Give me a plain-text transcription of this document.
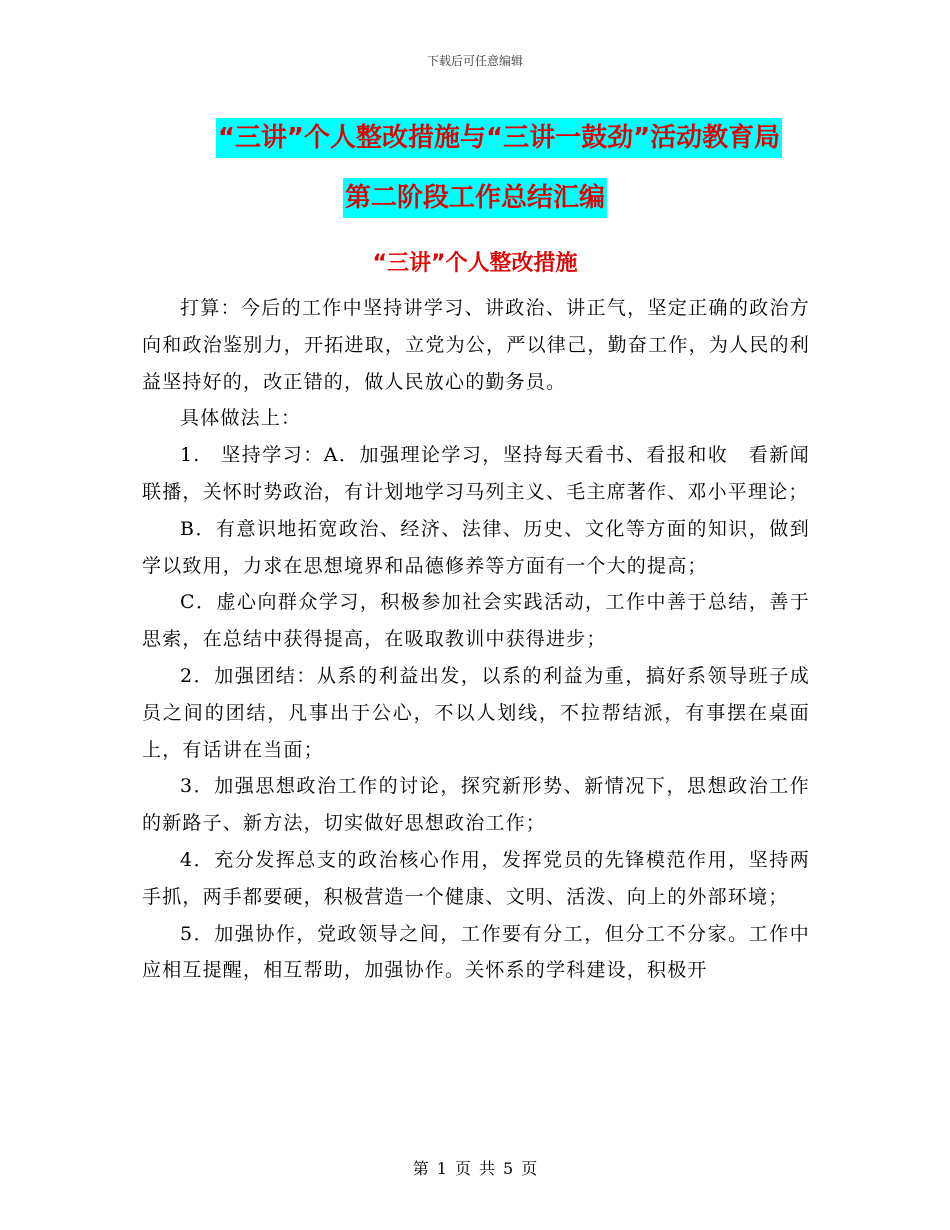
下载后可任意编辑
“三讲”个人整改措施与“三讲一鼓劲”活动教育局
第二阶段工作总结汇编
“三讲”个人整改措施

打算：今后的工作中坚持讲学习、讲政治、讲正气，坚定正确的政治方向和政治鉴别力，开拓进取，立党为公，严以律己，勤奋工作，为人民的利益坚持好的，改正错的，做人民放心的勤务员。

具体做法上：

1.　坚持学习：A．加强理论学习，坚持每天看书、看报和收　看新闻联播，关怀时势政治，有计划地学习马列主义、毛主席著作、邓小平理论；

B．有意识地拓宽政治、经济、法律、历史、文化等方面的知识，做到学以致用，力求在思想境界和品德修养等方面有一个大的提高；

C．虚心向群众学习，积极参加社会实践活动，工作中善于总结，善于思索，在总结中获得提高，在吸取教训中获得进步；

2．加强团结：从系的利益出发，以系的利益为重，搞好系领导班子成员之间的团结，凡事出于公心，不以人划线，不拉帮结派，有事摆在桌面上，有话讲在当面；

3．加强思想政治工作的讨论，探究新形势、新情况下，思想政治工作的新路子、新方法，切实做好思想政治工作；

4．充分发挥总支的政治核心作用，发挥党员的先锋模范作用，坚持两手抓，两手都要硬，积极营造一个健康、文明、活泼、向上的外部环境；

5．加强协作，党政领导之间，工作要有分工，但分工不分家。工作中应相互提醒，相互帮助，加强协作。关怀系的学科建设，积极开

第 1 页 共 5 页
